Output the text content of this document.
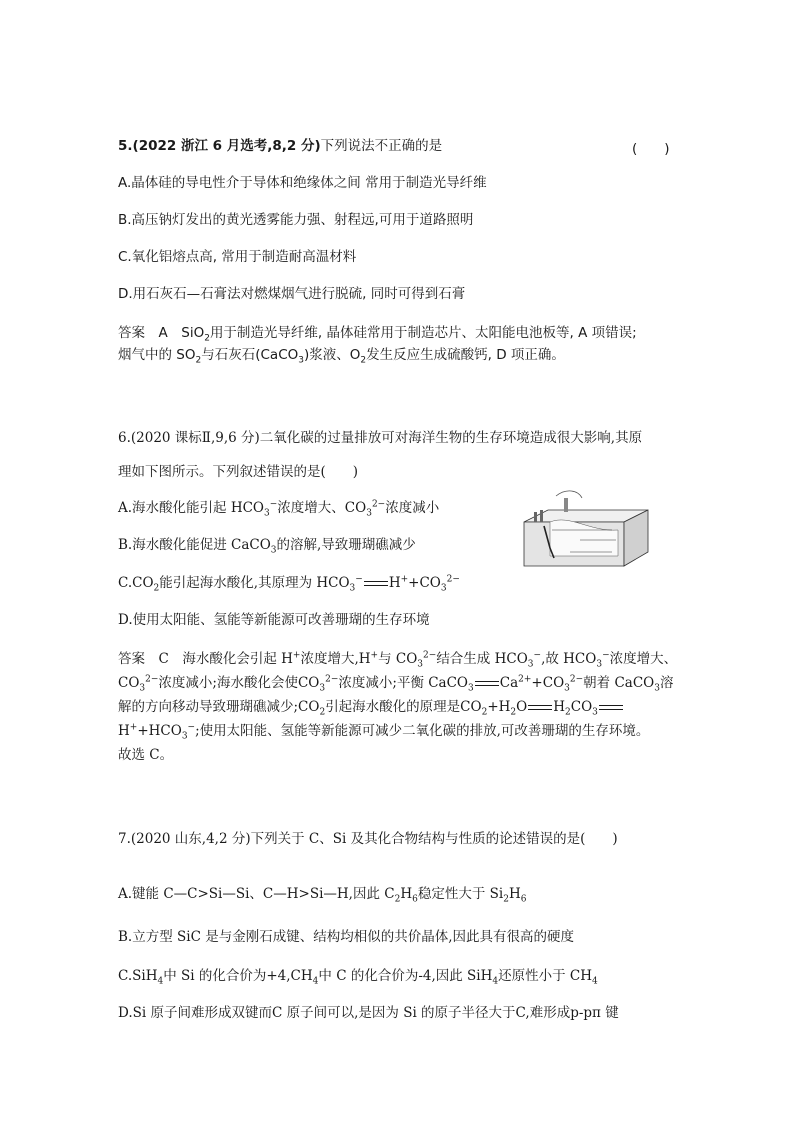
5.(2022 浙江 6 月选考,8,2 分)下列说法不正确的是	(　　)
A.晶体硅的导电性介于导体和绝缘体之间 常用于制造光导纤维
B.高压钠灯发出的黄光透雾能力强、射程远,可用于道路照明
C.氧化铝熔点高, 常用于制造耐高温材料
D.用石灰石—石膏法对燃煤烟气进行脱硫, 同时可得到石膏
答案　A　SiO$_2$用于制造光导纤维, 晶体硅常用于制造芯片、太阳能电池板等, A 项错误;
烟气中的 $SO_2$与石灰石(CaCO$_3$)浆液、$O_2$发生反应生成硫酸钙, D 项正确。
6.(2020 课标Ⅱ,9,6 分)二氧化碳的过量排放可对海洋生物的生存环境造成很大影响,其原
理如下图所示。下列叙述错误的是(　　)
A.海水酸化能引起 $HCO_3^-$浓度增大、$CO_3^{2-}$浓度减小
B.海水酸化能促进 CaCO$_3$的溶解,导致珊瑚礁减少
$C.CO_2$能引起海水酸化,其原理为 $HCO_3^-$ $H^++CO_3^{2-}$
D.使用太阳能、氢能等新能源可改善珊瑚的生存环境
答案　C　海水酸化会引起 H+浓度增大,H+与 $CO_3^{2-}$结合生成 $HCO_3^-$,故 $HCO_3^-$浓度增大、
$CO_3^{2-}$浓度减小;海水酸化会使$CO_3^{2-}$浓度减小;平衡 CaCO$_3$ $Ca^{2+}+CO_3^{2-}$朝着 CaCO$_3$溶
解的方向移动导致珊瑚礁减少$;CO_2$引起海水酸化的原理是$CO_2+H_2O$ $H_2CO_3$
$H^++HCO_3^-$;使用太阳能、氢能等新能源可减少二氧化碳的排放,可改善珊瑚的生存环境。
故选 C。
7.(2020 山东,4,2 分)下列关于 C、Si 及其化合物结构与性质的论述错误的是(　　)
A.键能 C—C>Si—Si、C—H>Si—H,因此 $C_2H_6$稳定性大于 $Si_2H_6$
B.立方型 SiC 是与金刚石成键、结构均相似的共价晶体,因此具有很高的硬度
C.SiH$_4$中 Si 的化合价为$+4,CH_4$中 C 的化合价为-4,因此 SiH$_4$还原性小于 $CH_4$
D.Si 原子间难形成双键而C 原子间可以,是因为 Si 的原子半径大于C,难形成p-pπ 键
